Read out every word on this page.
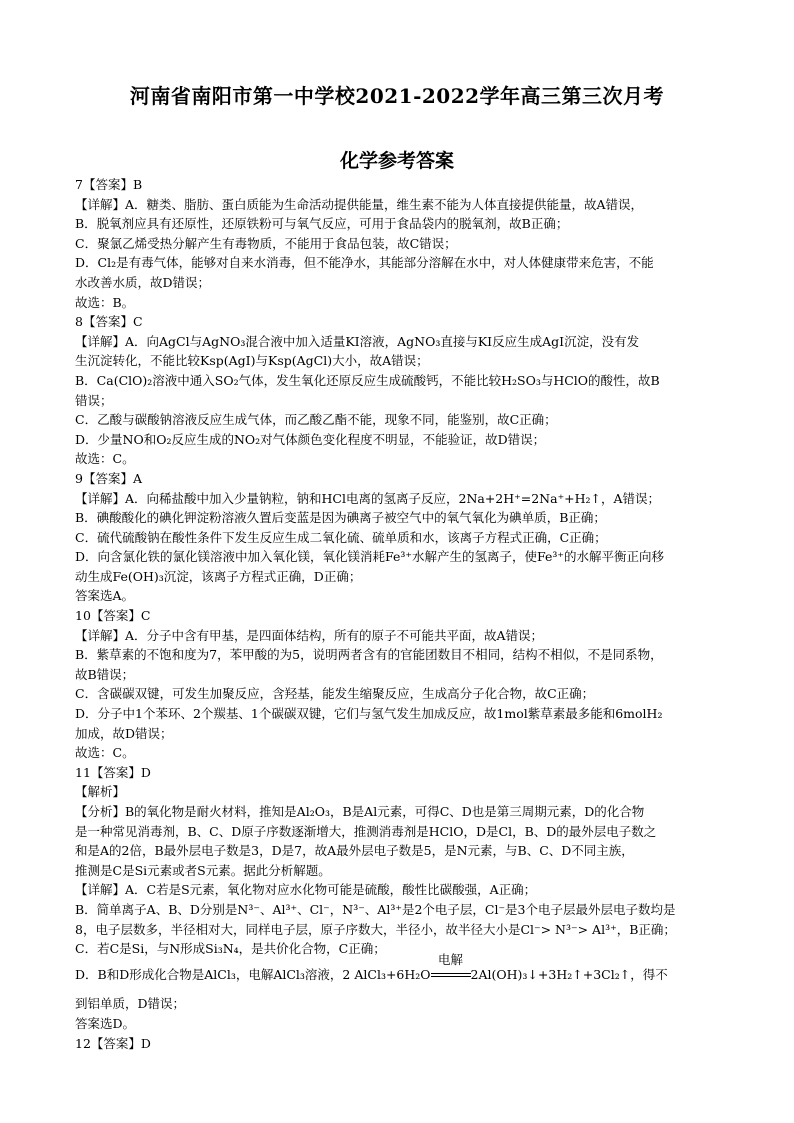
河南省南阳市第一中学校2021-2022学年高三第三次月考
化学参考答案
7【答案】B
【详解】A．糖类、脂肪、蛋白质能为生命活动提供能量，维生素不能为人体直接提供能量，故A错误，
B．脱氧剂应具有还原性，还原铁粉可与氧气反应，可用于食品袋内的脱氧剂，故B正确；
C．聚氯乙烯受热分解产生有毒物质，不能用于食品包装，故C错误；
D．Cl₂是有毒气体，能够对自来水消毒，但不能净水，其能部分溶解在水中，对人体健康带来危害，不能
水改善水质，故D错误；
故选：B。
8【答案】C
【详解】A．向AgCl与AgNO₃混合液中加入适量KI溶液，AgNO₃直接与KI反应生成AgI沉淀，没有发
生沉淀转化，不能比较Ksp(AgI)与Ksp(AgCl)大小，故A错误；
B．Ca(ClO)₂溶液中通入SO₂气体，发生氧化还原反应生成硫酸钙，不能比较H₂SO₃与HClO的酸性，故B
错误；
C．乙酸与碳酸钠溶液反应生成气体，而乙酸乙酯不能，现象不同，能鉴别，故C正确；
D．少量NO和O₂反应生成的NO₂对气体颜色变化程度不明显，不能验证，故D错误；
故选：C。
9【答案】A
【详解】A．向稀盐酸中加入少量钠粒，钠和HCl电离的氢离子反应，2Na+2H⁺=2Na⁺+H₂↑，A错误；
B．碘酸酸化的碘化钾淀粉溶液久置后变蓝是因为碘离子被空气中的氧气氧化为碘单质，B正确；
C．硫代硫酸钠在酸性条件下发生反应生成二氧化硫、硫单质和水，该离子方程式正确，C正确；
D．向含氯化铁的氯化镁溶液中加入氧化镁，氧化镁消耗Fe³⁺水解产生的氢离子，使Fe³⁺的水解平衡正向移
动生成Fe(OH)₃沉淀，该离子方程式正确，D正确；
答案选A。
10【答案】C
【详解】A．分子中含有甲基，是四面体结构，所有的原子不可能共平面，故A错误；
B．紫草素的不饱和度为7，苯甲酸的为5，说明两者含有的官能团数目不相同，结构不相似，不是同系物，
故B错误；
C．含碳碳双键，可发生加聚反应，含羟基，能发生缩聚反应，生成高分子化合物，故C正确；
D．分子中1个苯环、2个羰基、1个碳碳双键，它们与氢气发生加成反应，故1mol紫草素最多能和6molH₂
加成，故D错误；
故选：C。
11【答案】D
【解析】
【分析】B的氧化物是耐火材料，推知是Al₂O₃，B是Al元素，可得C、D也是第三周期元素，D的化合物
是一种常见消毒剂，B、C、D原子序数逐渐增大，推测消毒剂是HClO，D是Cl，B、D的最外层电子数之
和是A的2倍，B最外层电子数是3，D是7，故A最外层电子数是5，是N元素，与B、C、D不同主族，
推测是C是Si元素或者S元素。据此分析解题。
【详解】A．C若是S元素，氧化物对应水化物可能是硫酸，酸性比碳酸强，A正确；
B．简单离子A、B、D分别是N³⁻、Al³⁺、Cl⁻，N³⁻、Al³⁺是2个电子层，Cl⁻是3个电子层最外层电子数均是
8，电子层数多，半径相对大，同样电子层，原子序数大，半径小，故半径大小是Cl⁻> N³⁻> Al³⁺，B正确；
C．若C是Si，与N形成Si₃N₄，是共价化合物，C正确；
D．B和D形成化合物是AlCl₃，电解AlCl₃溶液，2 AlCl₃+6H₂O
电解
2Al(OH)₃↓+3H₂↑+3Cl₂↑，得不
到铝单质，D错误；
答案选D。
12【答案】D
